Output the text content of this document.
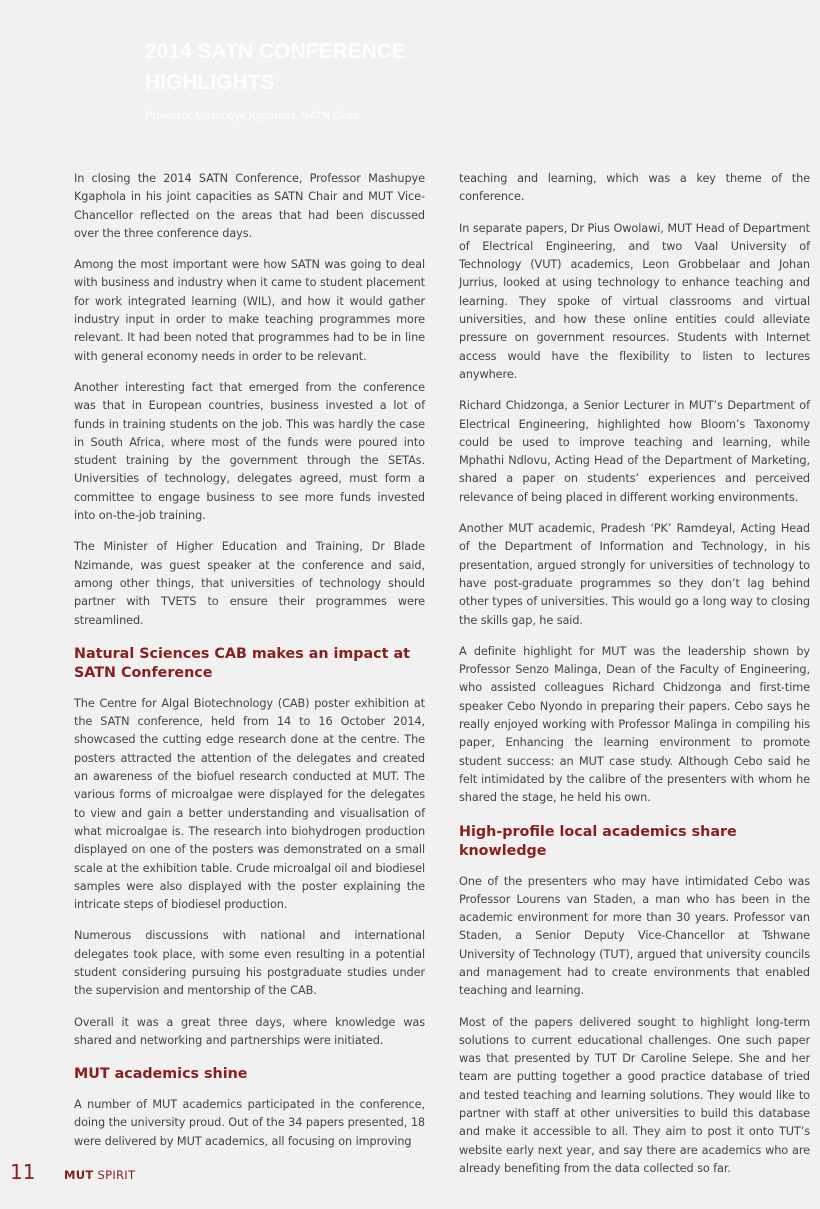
2014 SATN CONFERENCE HIGHLIGHTS

Professor Mashupye Kgaphola, SATN Chair

In closing the 2014 SATN Conference, Professor Mashupye Kgaphola in his joint capacities as SATN Chair and MUT Vice-Chancellor reflected on the areas that had been discussed over the three conference days.

Among the most important were how SATN was going to deal with business and industry when it came to student placement for work integrated learning (WIL), and how it would gather industry input in order to make teaching programmes more relevant. It had been noted that programmes had to be in line with general economy needs in order to be relevant.

Another interesting fact that emerged from the conference was that in European countries, business invested a lot of funds in training students on the job. This was hardly the case in South Africa, where most of the funds were poured into student training by the government through the SETAs. Universities of technology, delegates agreed, must form a committee to engage business to see more funds invested into on-the-job training.

The Minister of Higher Education and Training, Dr Blade Nzimande, was guest speaker at the conference and said, among other things, that universities of technology should partner with TVETS to ensure their programmes were streamlined.

Natural Sciences CAB makes an impact at SATN Conference

The Centre for Algal Biotechnology (CAB) poster exhibition at the SATN conference, held from 14 to 16 October 2014, showcased the cutting edge research done at the centre. The posters attracted the attention of the delegates and created an awareness of the biofuel research conducted at MUT. The various forms of microalgae were displayed for the delegates to view and gain a better understanding and visualisation of what microalgae is. The research into biohydrogen production displayed on one of the posters was demonstrated on a small scale at the exhibition table. Crude microalgal oil and biodiesel samples were also displayed with the poster explaining the intricate steps of biodiesel production.

Numerous discussions with national and international delegates took place, with some even resulting in a potential student considering pursuing his postgraduate studies under the supervision and mentorship of the CAB.

Overall it was a great three days, where knowledge was shared and networking and partnerships were initiated.

MUT academics shine

A number of MUT academics participated in the conference, doing the university proud. Out of the 34 papers presented, 18 were delivered by MUT academics, all focusing on improving

teaching and learning, which was a key theme of the conference.

In separate papers, Dr Pius Owolawi, MUT Head of Department of Electrical Engineering, and two Vaal University of Technology (VUT) academics, Leon Grobbelaar and Johan Jurrius, looked at using technology to enhance teaching and learning. They spoke of virtual classrooms and virtual universities, and how these online entities could alleviate pressure on government resources. Students with Internet access would have the flexibility to listen to lectures anywhere.

Richard Chidzonga, a Senior Lecturer in MUT’s Department of Electrical Engineering, highlighted how Bloom’s Taxonomy could be used to improve teaching and learning, while Mphathi Ndlovu, Acting Head of the Department of Marketing, shared a paper on students’ experiences and perceived relevance of being placed in different working environments.

Another MUT academic, Pradesh ‘PK’ Ramdeyal, Acting Head of the Department of Information and Technology, in his presentation, argued strongly for universities of technology to have post-graduate programmes so they don’t lag behind other types of universities. This would go a long way to closing the skills gap, he said.

A definite highlight for MUT was the leadership shown by Professor Senzo Malinga, Dean of the Faculty of Engineering, who assisted colleagues Richard Chidzonga and first-time speaker Cebo Nyondo in preparing their papers. Cebo says he really enjoyed working with Professor Malinga in compiling his paper, Enhancing the learning environment to promote student success: an MUT case study. Although Cebo said he felt intimidated by the calibre of the presenters with whom he shared the stage, he held his own.

High-profile local academics share knowledge

One of the presenters who may have intimidated Cebo was Professor Lourens van Staden, a man who has been in the academic environment for more than 30 years. Professor van Staden, a Senior Deputy Vice-Chancellor at Tshwane University of Technology (TUT), argued that university councils and management had to create environments that enabled teaching and learning.

Most of the papers delivered sought to highlight long-term solutions to current educational challenges. One such paper was that presented by TUT Dr Caroline Selepe. She and her team are putting together a good practice database of tried and tested teaching and learning solutions. They would like to partner with staff at other universities to build this database and make it accessible to all. They aim to post it onto TUT’s website early next year, and say there are academics who are already benefiting from the data collected so far.

11 MUT SPIRIT
